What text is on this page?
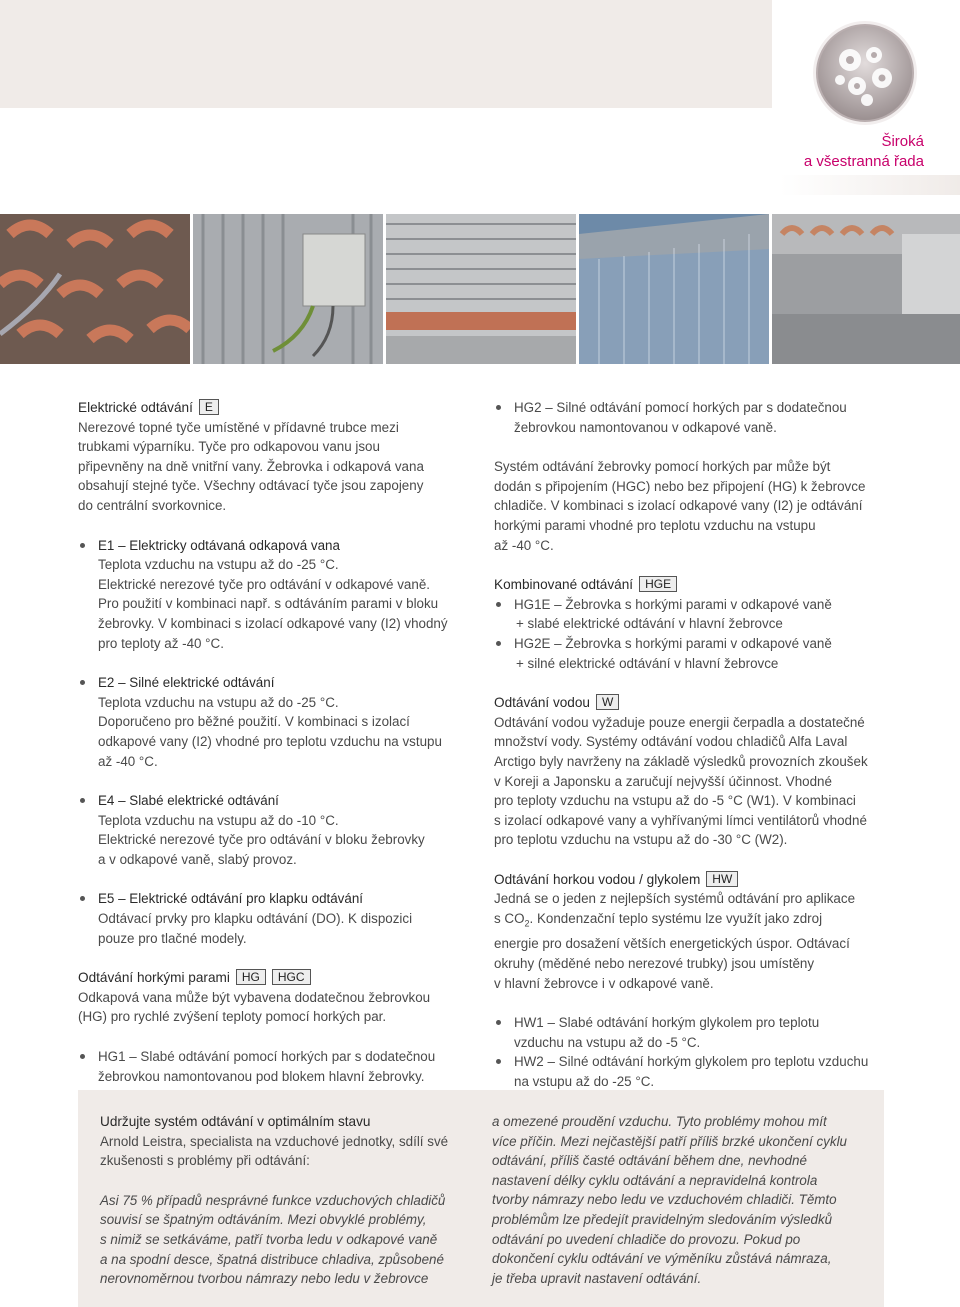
Široká
a všestranná řada
Elektrické odtávání E

Nerezové topné tyče umístěné v přídavné trubce mezi
trubkami výparníku. Tyče pro odkapovou vanu jsou
připevněny na dně vnitřní vany. Žebrovka i odkapová vana
obsahují stejné tyče. Všechny odtávací tyče jsou zapojeny
do centrální svorkovnice.

E1 – Elektricky odtávaná odkapová vana
Teplota vzduchu na vstupu až do -25 °C.
Elektrické nerezové tyče pro odtávání v odkapové vaně.
Pro použití v kombinaci např. s odtáváním parami v bloku
žebrovky. V kombinaci s izolací odkapové vany (I2) vhodný
pro teploty až -40 °C.
E2 – Silné elektrické odtávání
Teplota vzduchu na vstupu až do -25 °C.
Doporučeno pro běžné použití. V kombinaci s izolací
odkapové vany (I2) vhodné pro teplotu vzduchu na vstupu
až -40 °C.
E4 – Slabé elektrické odtávání
Teplota vzduchu na vstupu až do -10 °C.
Elektrické nerezové tyče pro odtávání v bloku žebrovky
a v odkapové vaně, slabý provoz.
E5 – Elektrické odtávání pro klapku odtávání
Odtávací prvky pro klapku odtávání (DO). K dispozici
pouze pro tlačné modely.
Odtávání horkými parami HG HGC
Odkapová vana může být vybavena dodatečnou žebrovkou
(HG) pro rychlé zvýšení teploty pomocí horkých par.
HG1 – Slabé odtávání pomocí horkých par s dodatečnou
žebrovkou namontovanou pod blokem hlavní žebrovky.
HG2 – Silné odtávání pomocí horkých par s dodatečnou
žebrovkou namontovanou v odkapové vaně.
Systém odtávání žebrovky pomocí horkých par může být
dodán s připojením (HGC) nebo bez připojení (HG) k žebrovce
chladiče. V kombinaci s izolací odkapové vany (I2) je odtávání
horkými parami vhodné pro teplotu vzduchu na vstupu
až -40 °C.
Kombinované odtávání HGE
HG1E – Žebrovka s horkými parami v odkapové vaně
+ slabé elektrické odtávání v hlavní žebrovce
HG2E – Žebrovka s horkými parami v odkapové vaně
+ silné elektrické odtávání v hlavní žebrovce
Odtávání vodou W
Odtávání vodou vyžaduje pouze energii čerpadla a dostatečné
množství vody. Systémy odtávání vodou chladičů Alfa Laval
Arctigo byly navrženy na základě výsledků provozních zkoušek
v Koreji a Japonsku a zaručují nejvyšší účinnost. Vhodné
pro teploty vzduchu na vstupu až do -5 °C (W1). V kombinaci
s izolací odkapové vany a vyhřívanými límci ventilátorů vhodné
pro teplotu vzduchu na vstupu až do -30 °C (W2).
Odtávání horkou vodou / glykolem HW
Jedná se o jeden z nejlepších systémů odtávání pro aplikace
s $CO_2$. Kondenzační teplo systému lze využít jako zdroj
energie pro dosažení větších energetických úspor. Odtávací
okruhy (měděné nebo nerezové trubky) jsou umístěny
v hlavní žebrovce i v odkapové vaně.
HW1 – Slabé odtávání horkým glykolem pro teplotu
vzduchu na vstupu až do -5 °C.
HW2 – Silné odtávání horkým glykolem pro teplotu vzduchu
na vstupu až do -25 °C.
Udržujte systém odtávání v optimálním stavu
Arnold Leistra, specialista na vzduchové jednotky, sdílí své
zkušenosti s problémy při odtávání:
Asi 75 % případů nesprávné funkce vzduchových chladičů
souvisí se špatným odtáváním. Mezi obvyklé problémy,
s nimiž se setkáváme, patří tvorba ledu v odkapové vaně
a na spodní desce, špatná distribuce chladiva, způsobené
nerovnoměrnou tvorbou námrazy nebo ledu v žebrovce
a omezené proudění vzduchu. Tyto problémy mohou mít
více příčin. Mezi nejčastější patří příliš brzké ukončení cyklu
odtávání, příliš časté odtávání během dne, nevhodné
nastavení délky cyklu odtávání a nepravidelná kontrola
tvorby námrazy nebo ledu ve vzduchovém chladiči. Těmto
problémům lze předejít pravidelným sledováním výsledků
odtávání po uvedení chladiče do provozu. Pokud po
dokončení cyklu odtávání ve výměníku zůstává námraza,
je třeba upravit nastavení odtávání.
